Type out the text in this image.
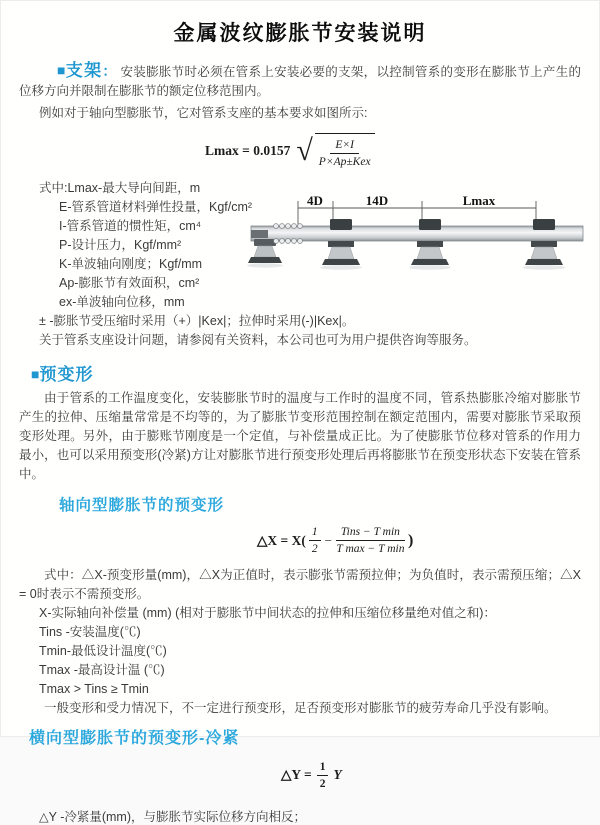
金属波纹膨胀节安装说明

■支架： 安装膨胀节时必须在管系上安装必要的支架，以控制管系的变形在膨胀节上产生的位移方向并限制在膨胀节的额定位移范围内。

例如对于轴向型膨胀节，它对管系支座的基本要求如图所示:

Lmax = 0.0157 √ $\frac{E\times I}{\text{P×Ap±Kex}}$
式中:Lmax-最大导向间距，m
E-管系管道材料弹性投量，Kgf/cm²
I-管系管道的惯性矩，cm⁴
P-设计压力，Kgf/mm²
K-单波轴向刚度；Kgf/mm
Ap-膨胀节有效面积，cm²
ex-单波轴向位移，mm
± -膨胀节受压缩时采用（+）|Kex|；拉伸时采用(-)|Kex|。
关于管系支座设计问题，请参阅有关资料，本公司也可为用户提供咨询等服务。
■预变形

由于管系的工作温度变化，安装膨胀节时的温度与工作时的温度不同，管系热膨胀冷缩对膨胀节产生的拉伸、压缩量常常是不均等的，为了膨胀节变形范围控制在额定范围内，需要对膨胀节采取预变形处理。另外，由于膨账节刚度是一个定值，与补偿量成正比。为了使膨胀节位移对管系的作用力最小，也可以采用预变形(冷紧)方让对膨胀节进行预变形处理后再将膨胀节在预变形状态下安装在管系中。

轴向型膨胀节的预变形
△X = $X( \frac{1}{2} - \frac{\text{Tins − T min}}{\text{T max − T min}}$ )

式中：△X-预变形量(mm)，△X为正值时，表示膨张节需预拉伸；为负值时，表示需预压缩；△X = 0时表示不需预变形。

X-实际轴向补偿量 (mm) (相对于膨胀节中间状态的拉伸和压缩位移量绝对值之和)：
Tins -安装温度(℃)
Tmin-最低设计温度(℃)
Tmax -最高设计温 (℃)
Tmax > Tins ≥ Tmin

一般变形和受力情况下，不一定进行预变形，足否预变形对膨胀节的疲劳寿命几乎没有影响。

横向型膨胀节的预变形-冷紧
△Y = $\frac{1}{2}$ Y
△Y -冷紧量(mm)，与膨胀节实际位移方向相反；
4D	14D	Lmax
